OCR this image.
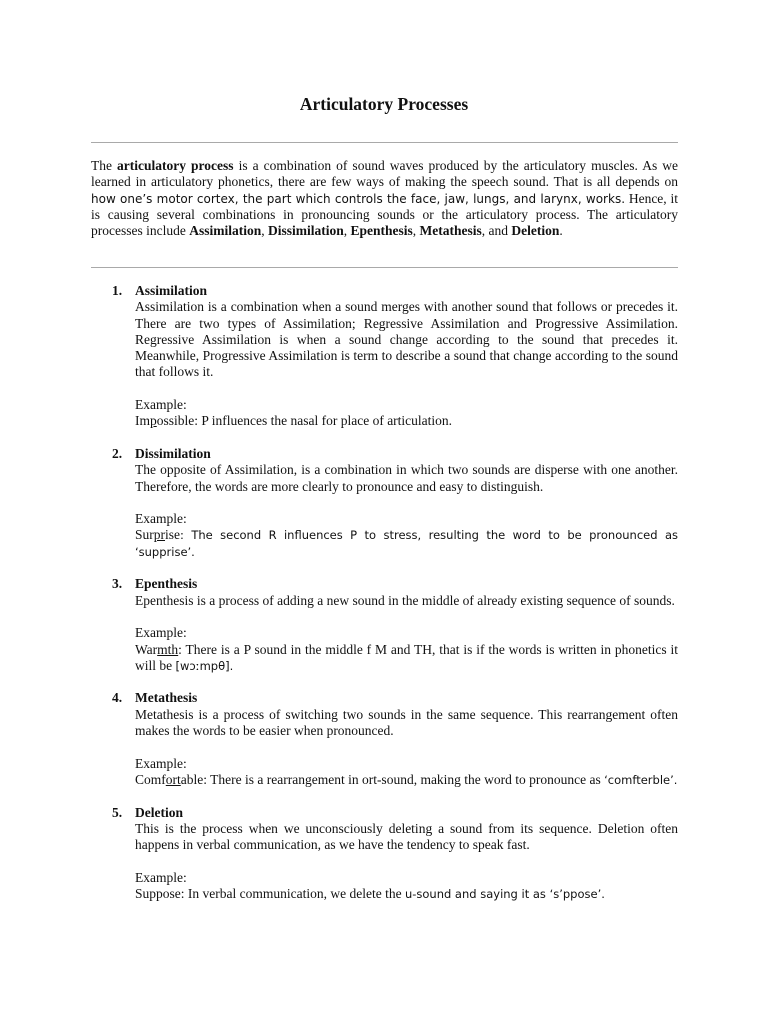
Articulatory Processes

The articulatory process is a combination of sound waves produced by the articulatory muscles. As we learned in articulatory phonetics, there are few ways of making the speech sound. That is all depends on how one’s motor cortex, the part which controls the face, jaw, lungs, and larynx, works. Hence, it is causing several combinations in pronouncing sounds or the articulatory process. The articulatory processes include Assimilation, Dissimilation, Epenthesis, Metathesis, and Deletion.

1. Assimilation
Assimilation is a combination when a sound merges with another sound that follows or precedes it. There are two types of Assimilation; Regressive Assimilation and Progressive Assimilation. Regressive Assimilation is when a sound change according to the sound that precedes it. Meanwhile, Progressive Assimilation is term to describe a sound that change according to the sound that follows it.
Example:
Impossible: P influences the nasal for place of articulation.
2. Dissimilation
The opposite of Assimilation, is a combination in which two sounds are disperse with one another. Therefore, the words are more clearly to pronounce and easy to distinguish.
Example:
Surprise: The second R influences P to stress, resulting the word to be pronounced as ‘supprise’.
3. Epenthesis
Epenthesis is a process of adding a new sound in the middle of already existing sequence of sounds.
Example:
Warmth: There is a P sound in the middle f M and TH, that is if the words is written in phonetics it will be [wɔːmpθ].
4. Metathesis
Metathesis is a process of switching two sounds in the same sequence. This rearrangement often makes the words to be easier when pronounced.
Example:
Comfortable: There is a rearrangement in ort-sound, making the word to pronounce as ‘comfterble’.
5. Deletion
This is the process when we unconsciously deleting a sound from its sequence. Deletion often happens in verbal communication, as we have the tendency to speak fast.
Example:
Suppose: In verbal communication, we delete the u-sound and saying it as ‘s’ppose’.
